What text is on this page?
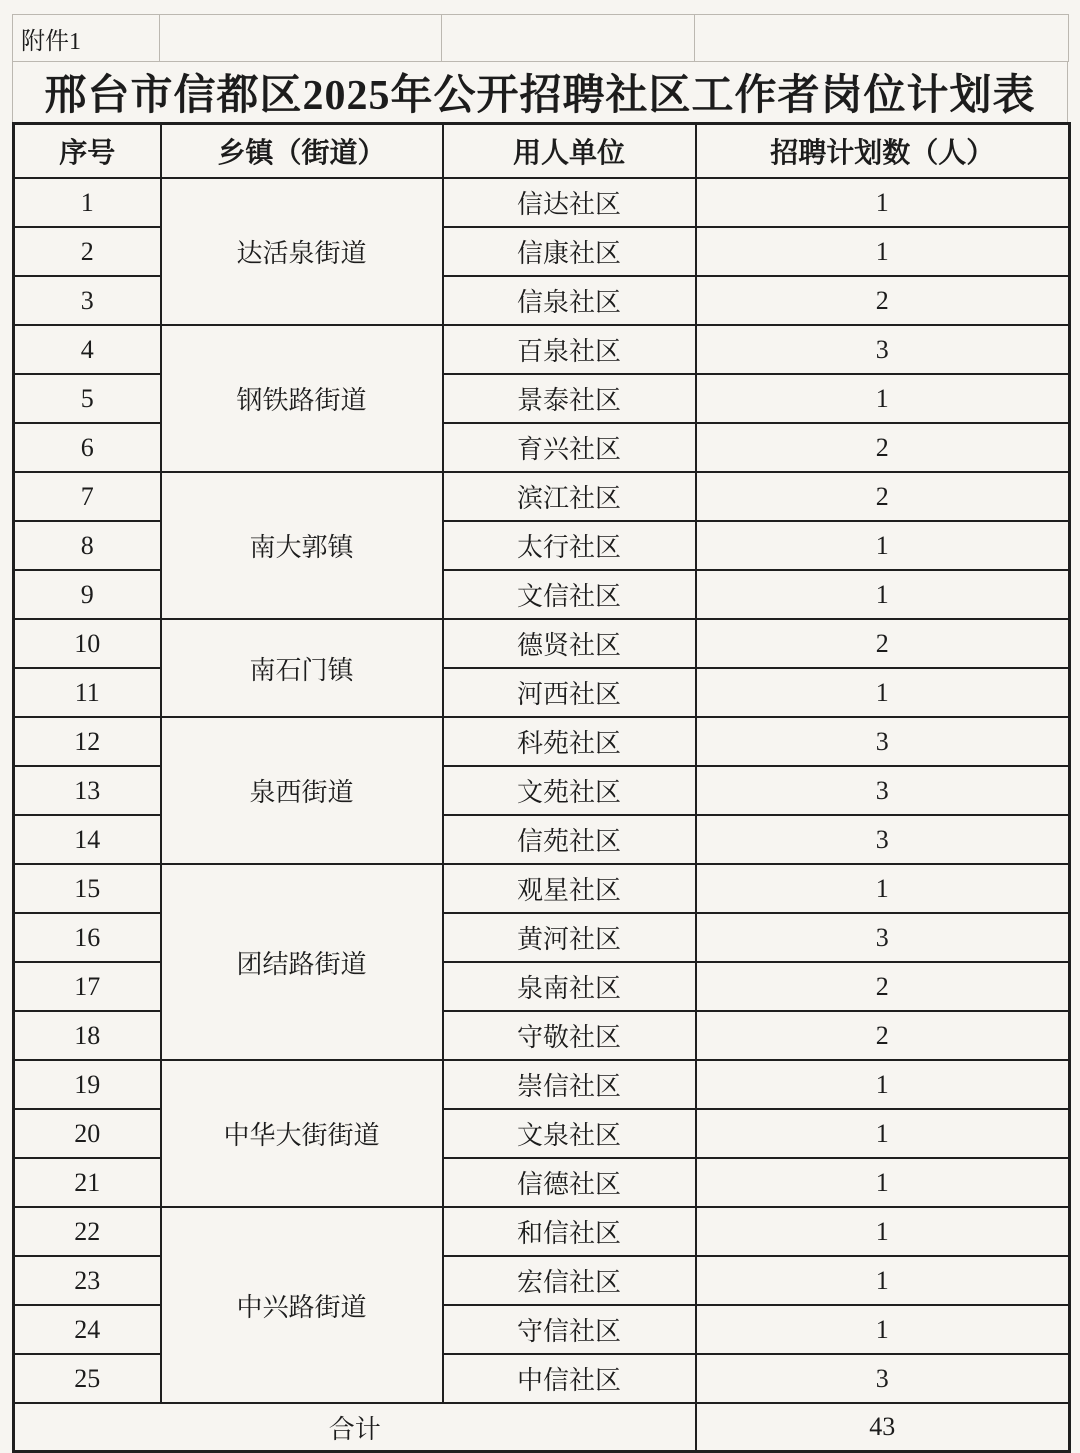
附件1			
邢台市信都区2025年公开招聘社区工作者岗位计划表
序号	乡镇（街道）	用人单位	招聘计划数（人）
1	达活泉街道	信达社区	1
2		信康社区	1
3		信泉社区	2
4	钢铁路街道	百泉社区	3
5		景泰社区	1
6		育兴社区	2
7	南大郭镇	滨江社区	2
8		太行社区	1
9		文信社区	1
10	南石门镇	德贤社区	2
11		河西社区	1
12	泉西街道	科苑社区	3
13		文苑社区	3
14		信苑社区	3
15	团结路街道	观星社区	1
16		黄河社区	3
17		泉南社区	2
18		守敬社区	2
19	中华大街街道	崇信社区	1
20		文泉社区	1
21		信德社区	1
22	中兴路街道	和信社区	1
23		宏信社区	1
24		守信社区	1
25		中信社区	3
合计			43
